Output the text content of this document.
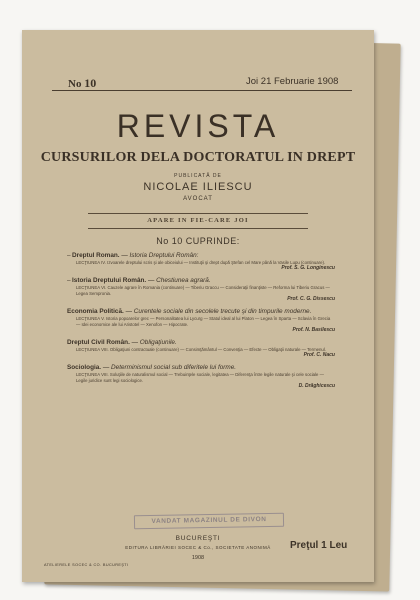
No 10	Joi 21 Februarie 1908
REVISTA
CURSURILOR DELA DOCTORATUL IN DREPT
PUBLICATĂ DE
NICOLAE ILIESCU
AVOCAT
APARE IN FIE-CARE JOI
No 10 CUPRINDE:
–Dreptul Roman. — Istoria Dreptului Român:
LECŢIUNEA IV. Izvoarele dreptului scris şi ale obiceiului — Instituţii şi drept după Ştefan cel Mare până la Vasile Lupu (continuare).
Prof. S. G. Longinescu
–Istoria Dreptului Român. — Chestiunea agrară.
LECŢIUNEA VI. Cauzele agrare în Romania (continuare) — Tiberiu Graccu — Consideraţii finanţiste — Reforma lui Tiberiu Gracus — Legea Sempronia.
Prof. C. G. Dissescu
Economia Politică. — Curentele sociale din secolele trecute şi din timpurile moderne.
LECŢIUNEA V. Istoria popoarelor grec — Personalitatea lui Lycurg — Statul ideal al lui Platon — Legea în Sparta — Sclavia în Grecia — Idei economice ale lui Aristotel — Xenofon — Hipocrate.
Prof. N. Basilescu
Dreptul Civil Român. — Obligaţiunile.
LECŢIUNEA VIII. Obligaţiuni contractuale (continuare) — Consimţământul — Convenţia — Efecte — Obligaţii naturale — Termenul.
Prof. C. Nacu
Sociologia. — Determinismul social sub diferitele lui forme.
LECŢIUNEA VIII. Soluţiile de naturalismul social — Trebuinţele sociale, legitatea — Diferenţa între legile naturale şi cele sociale — Legile juridice sunt legi sociologice.
D. Drăghicescu
VANDAT MAGAZINUL DE DIVON
BUCUREŞTI
EDITURA LIBRĂRIEI SOCEC & Co., SOCIETATE ANONIMĂ
1908
ATELIERELE SOCEC & CO. BUCUREŞTI
Preţul 1 Leu
